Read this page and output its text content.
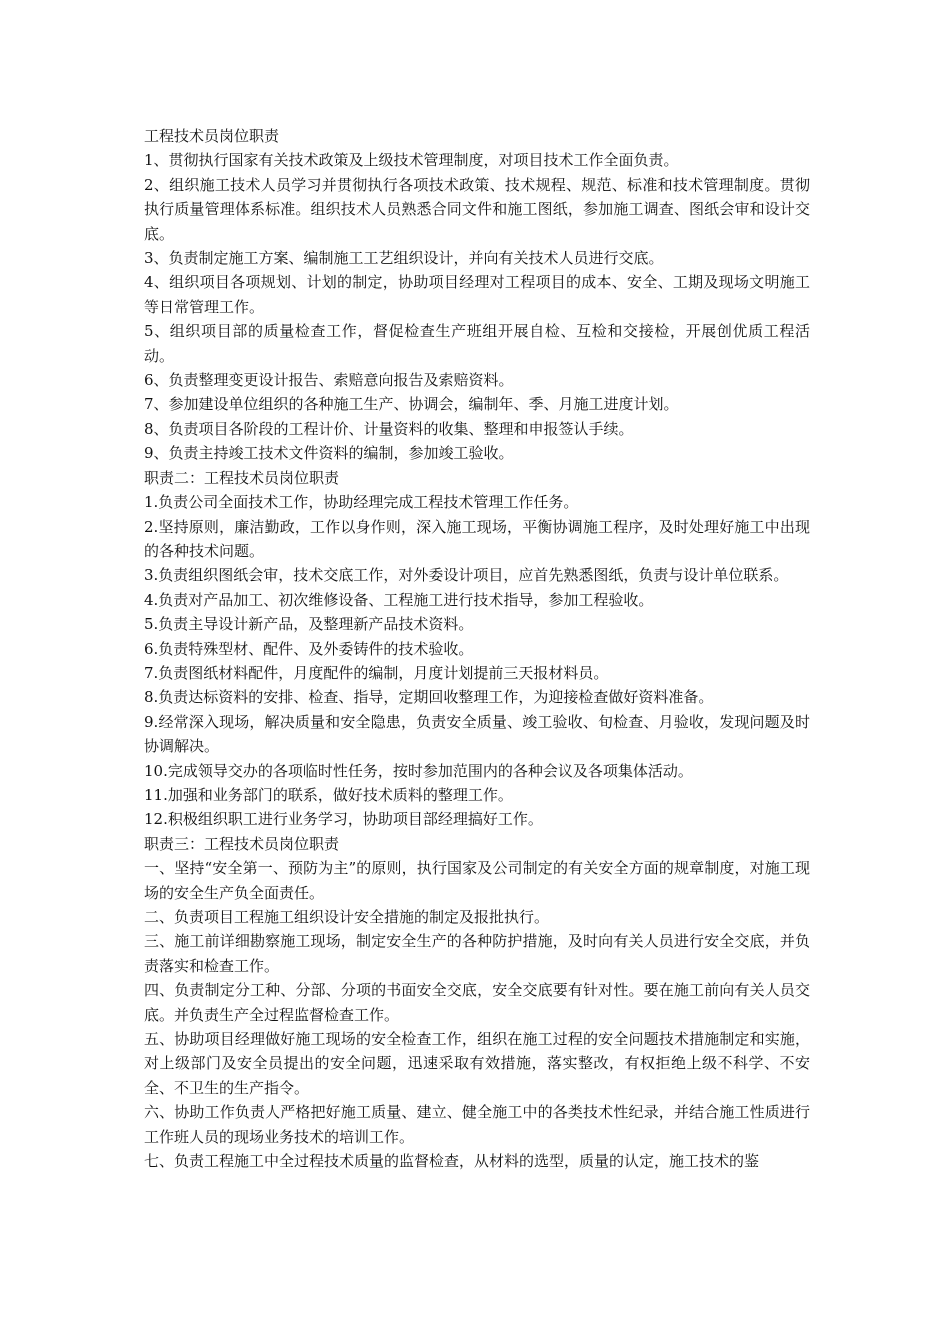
工程技术员岗位职责

1、贯彻执行国家有关技术政策及上级技术管理制度，对项目技术工作全面负责。

2、组织施工技术人员学习并贯彻执行各项技术政策、技术规程、规范、标准和技术管理制度。贯彻执行质量管理体系标准。组织技术人员熟悉合同文件和施工图纸，参加施工调查、图纸会审和设计交底。

3、负责制定施工方案、编制施工工艺组织设计，并向有关技术人员进行交底。

4、组织项目各项规划、计划的制定，协助项目经理对工程项目的成本、安全、工期及现场文明施工等日常管理工作。

5、组织项目部的质量检查工作，督促检查生产班组开展自检、互检和交接检，开展创优质工程活动。

6、负责整理变更设计报告、索赔意向报告及索赔资料。

7、参加建设单位组织的各种施工生产、协调会，编制年、季、月施工进度计划。

8、负责项目各阶段的工程计价、计量资料的收集、整理和申报签认手续。

9、负责主持竣工技术文件资料的编制，参加竣工验收。

职责二：工程技术员岗位职责

1.负责公司全面技术工作，协助经理完成工程技术管理工作任务。

2.坚持原则，廉洁勤政，工作以身作则，深入施工现场，平衡协调施工程序，及时处理好施工中出现的各种技术问题。

3.负责组织图纸会审，技术交底工作，对外委设计项目，应首先熟悉图纸，负责与设计单位联系。

4.负责对产品加工、初次维修设备、工程施工进行技术指导，参加工程验收。

5.负责主导设计新产品，及整理新产品技术资料。

6.负责特殊型材、配件、及外委铸件的技术验收。

7.负责图纸材料配件，月度配件的编制，月度计划提前三天报材料员。

8.负责达标资料的安排、检查、指导，定期回收整理工作，为迎接检查做好资料准备。

9.经常深入现场，解决质量和安全隐患，负责安全质量、竣工验收、旬检查、月验收，发现问题及时协调解决。

10.完成领导交办的各项临时性任务，按时参加范围内的各种会议及各项集体活动。

11.加强和业务部门的联系，做好技术质料的整理工作。

12.积极组织职工进行业务学习，协助项目部经理搞好工作。

职责三：工程技术员岗位职责

一、坚持“安全第一、预防为主”的原则，执行国家及公司制定的有关安全方面的规章制度，对施工现场的安全生产负全面责任。

二、负责项目工程施工组织设计安全措施的制定及报批执行。

三、施工前详细勘察施工现场，制定安全生产的各种防护措施，及时向有关人员进行安全交底，并负责落实和检查工作。

四、负责制定分工种、分部、分项的书面安全交底，安全交底要有针对性。要在施工前向有关人员交底。并负责生产全过程监督检查工作。

五、协助项目经理做好施工现场的安全检查工作，组织在施工过程的安全问题技术措施制定和实施，对上级部门及安全员提出的安全问题，迅速采取有效措施，落实整改，有权拒绝上级不科学、不安全、不卫生的生产指令。

六、协助工作负责人严格把好施工质量、建立、健全施工中的各类技术性纪录，并结合施工性质进行工作班人员的现场业务技术的培训工作。

七、负责工程施工中全过程技术质量的监督检查，从材料的选型，质量的认定，施工技术的鉴
